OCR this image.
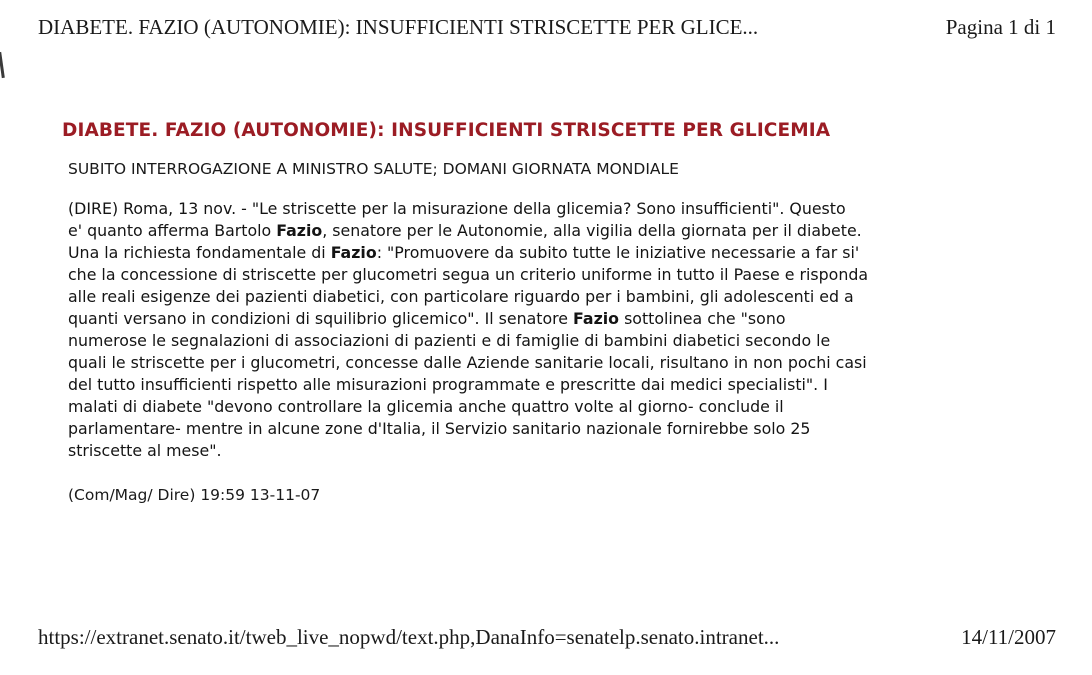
DIABETE. FAZIO (AUTONOMIE): INSUFFICIENTI STRISCETTE PER GLICE...	Pagina 1 di 1
DIABETE. FAZIO (AUTONOMIE): INSUFFICIENTI STRISCETTE PER GLICEMIA
SUBITO INTERROGAZIONE A MINISTRO SALUTE; DOMANI GIORNATA MONDIALE
(DIRE) Roma, 13 nov. - "Le striscette per la misurazione della glicemia? Sono insufficienti". Questo
e' quanto afferma Bartolo Fazio, senatore per le Autonomie, alla vigilia della giornata per il diabete.
Una la richiesta fondamentale di Fazio: "Promuovere da subito tutte le iniziative necessarie a far si'
che la concessione di striscette per glucometri segua un criterio uniforme in tutto il Paese e risponda
alle reali esigenze dei pazienti diabetici, con particolare riguardo per i bambini, gli adolescenti ed a
quanti versano in condizioni di squilibrio glicemico". Il senatore Fazio sottolinea che "sono
numerose le segnalazioni di associazioni di pazienti e di famiglie di bambini diabetici secondo le
quali le striscette per i glucometri, concesse dalle Aziende sanitarie locali, risultano in non pochi casi
del tutto insufficienti rispetto alle misurazioni programmate e prescritte dai medici specialisti". I
malati di diabete "devono controllare la glicemia anche quattro volte al giorno- conclude il
parlamentare- mentre in alcune zone d'Italia, il Servizio sanitario nazionale fornirebbe solo 25
striscette al mese".
(Com/Mag/ Dire) 19:59 13-11-07
https://extranet.senato.it/tweb_live_nopwd/text.php,DanaInfo=senatelp.senato.intranet...	14/11/2007
